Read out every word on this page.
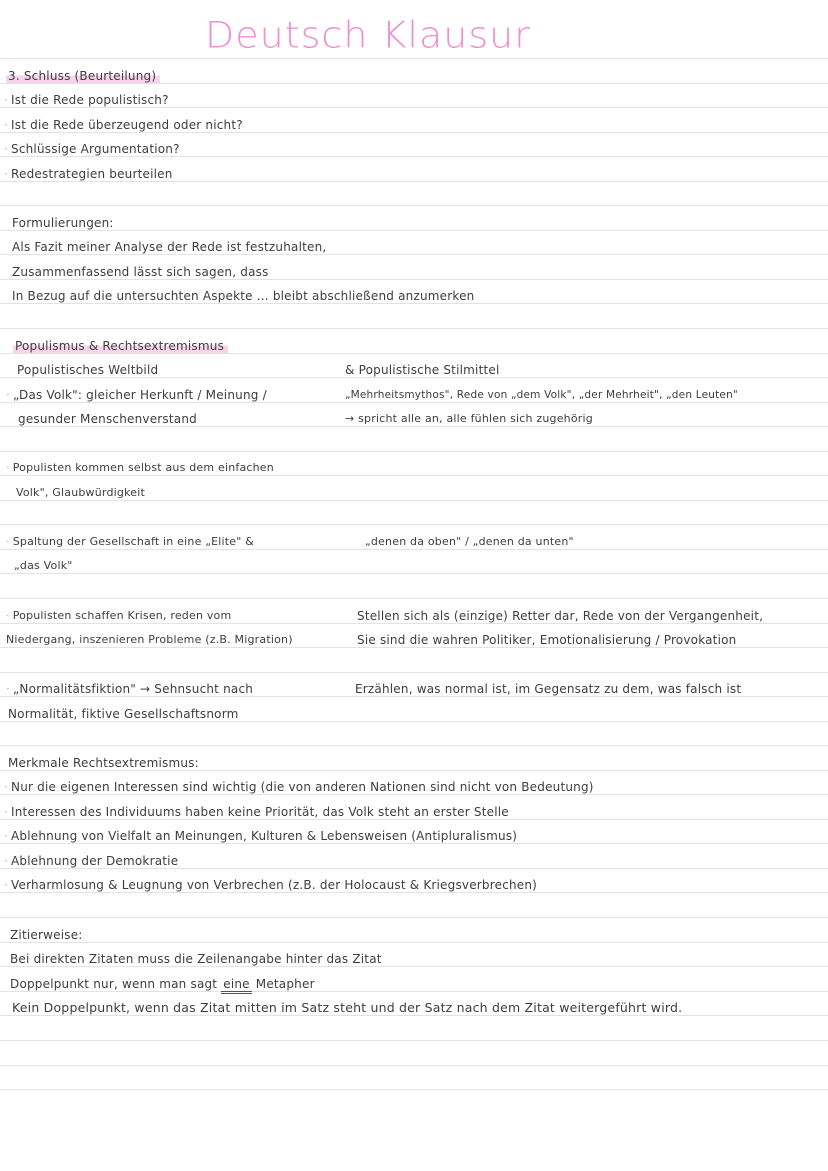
Deutsch Klausur
3. Schluss (Beurteilung)
· Ist die Rede populistisch?
· Ist die Rede überzeugend oder nicht?
· Schlüssige Argumentation?
· Redestrategien beurteilen
Formulierungen:
Als Fazit meiner Analyse der Rede ist festzuhalten,
Zusammenfassend lässt sich sagen, dass
In Bezug auf die untersuchten Aspekte ... bleibt abschließend anzumerken
Populismus & Rechtsextremismus
Populistisches Weltbild	& Populistische Stilmittel
· „Das Volk": gleicher Herkunft / Meinung /
gesunder Menschenverstand
„Mehrheitsmythos", Rede von „dem Volk", „der Mehrheit", „den Leuten"
→ spricht alle an, alle fühlen sich zugehörig
· Populisten kommen selbst aus dem einfachen
Volk", Glaubwürdigkeit
· Spaltung der Gesellschaft in eine „Elite" &
„das Volk"
„denen da oben" / „denen da unten"
· Populisten schaffen Krisen, reden vom
Niedergang, inszenieren Probleme (z.B. Migration)
Stellen sich als (einzige) Retter dar, Rede von der Vergangenheit,
Sie sind die wahren Politiker, Emotionalisierung / Provokation
· „Normalitätsfiktion" → Sehnsucht nach
Normalität, fiktive Gesellschaftsnorm
Erzählen, was normal ist, im Gegensatz zu dem, was falsch ist
Merkmale Rechtsextremismus:
· Nur die eigenen Interessen sind wichtig (die von anderen Nationen sind nicht von Bedeutung)
· Interessen des Individuums haben keine Priorität, das Volk steht an erster Stelle
· Ablehnung von Vielfalt an Meinungen, Kulturen & Lebensweisen (Antipluralismus)
· Ablehnung der Demokratie
· Verharmlosung & Leugnung von Verbrechen (z.B. der Holocaust & Kriegsverbrechen)
Zitierweise:
Bei direkten Zitaten muss die Zeilenangabe hinter das Zitat
Doppelpunkt nur, wenn man sagt eine Metapher
Kein Doppelpunkt, wenn das Zitat mitten im Satz steht und der Satz nach dem Zitat weitergeführt wird.
